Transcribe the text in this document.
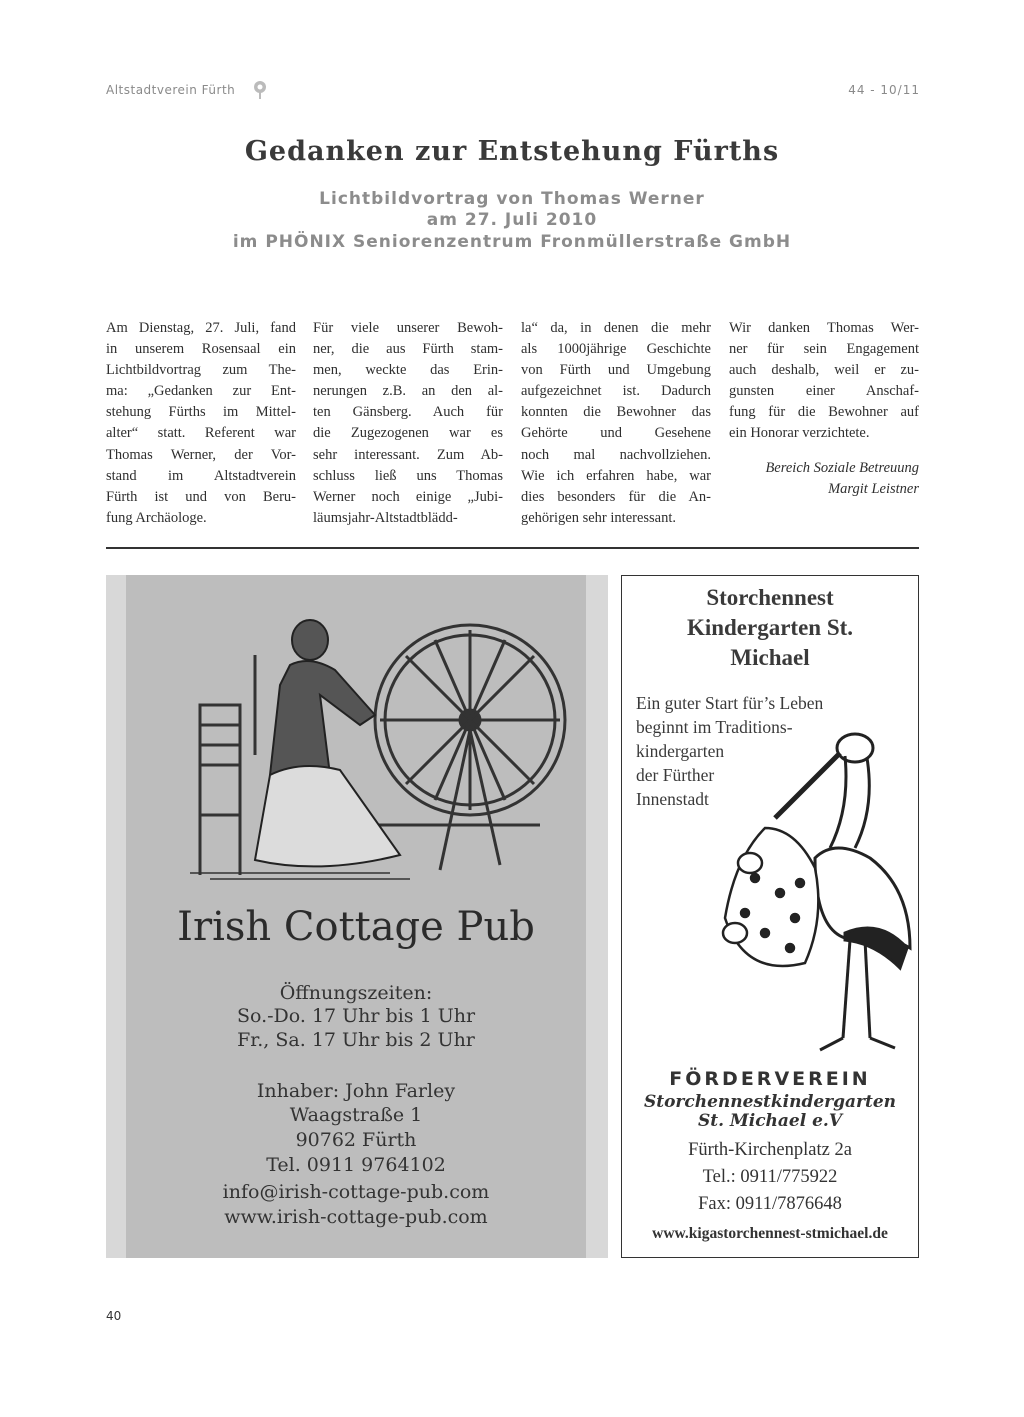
Altstadtverein Fürth	44 - 10/11
Gedanken zur Entstehung Fürths
Lichtbildvortrag von Thomas Werner
am 27. Juli 2010
im PHÖNIX Seniorenzentrum Fronmüllerstraße GmbH
Am Dienstag, 27. Juli, fand
in unserem Rosensaal ein
Lichtbildvortrag zum The-
ma: „Gedanken zur Ent-
stehung Fürths im Mittel-
alter“ statt. Referent war
Thomas Werner, der Vor-
stand im Altstadtverein
Fürth ist und von Beru-
fung Archäologe.
Für viele unserer Bewoh-
ner, die aus Fürth stam-
men, weckte das Erin-
nerungen z.B. an den al-
ten Gänsberg. Auch für
die Zugezogenen war es
sehr interessant. Zum Ab-
schluss ließ uns Thomas
Werner noch einige „Jubi-
läumsjahr-Altstadtblädd-
la“ da, in denen die mehr
als 1000jährige Geschichte
von Fürth und Umgebung
aufgezeichnet ist. Dadurch
konnten die Bewohner das
Gehörte und Gesehene
noch mal nachvollziehen.
Wie ich erfahren habe, war
dies besonders für die An-
gehörigen sehr interessant.
Wir danken Thomas Wer-
ner für sein Engagement
auch deshalb, weil er zu-
gunsten einer Anschaf-
fung für die Bewohner auf
ein Honorar verzichtete.
Bereich Soziale Betreuung
Margit Leistner
Irish Cottage Pub
Öffnungszeiten:
So.-Do. 17 Uhr bis 1 Uhr
Fr., Sa. 17 Uhr bis 2 Uhr
Inhaber: John Farley
Waagstraße 1
90762 Fürth
Tel. 0911 9764102
info@irish-cottage-pub.com
www.irish-cottage-pub.com
Storchennest
Kindergarten St.
Michael
Ein guter Start für’s Leben
beginnt im Traditions-
kindergarten
der Fürther
Innenstadt
FÖRDERVEREIN
Storchennestkindergarten
St. Michael e.V
Fürth-Kirchenplatz 2a
Tel.: 0911/775922
Fax: 0911/7876648
www.kigastorchennest-stmichael.de
40
